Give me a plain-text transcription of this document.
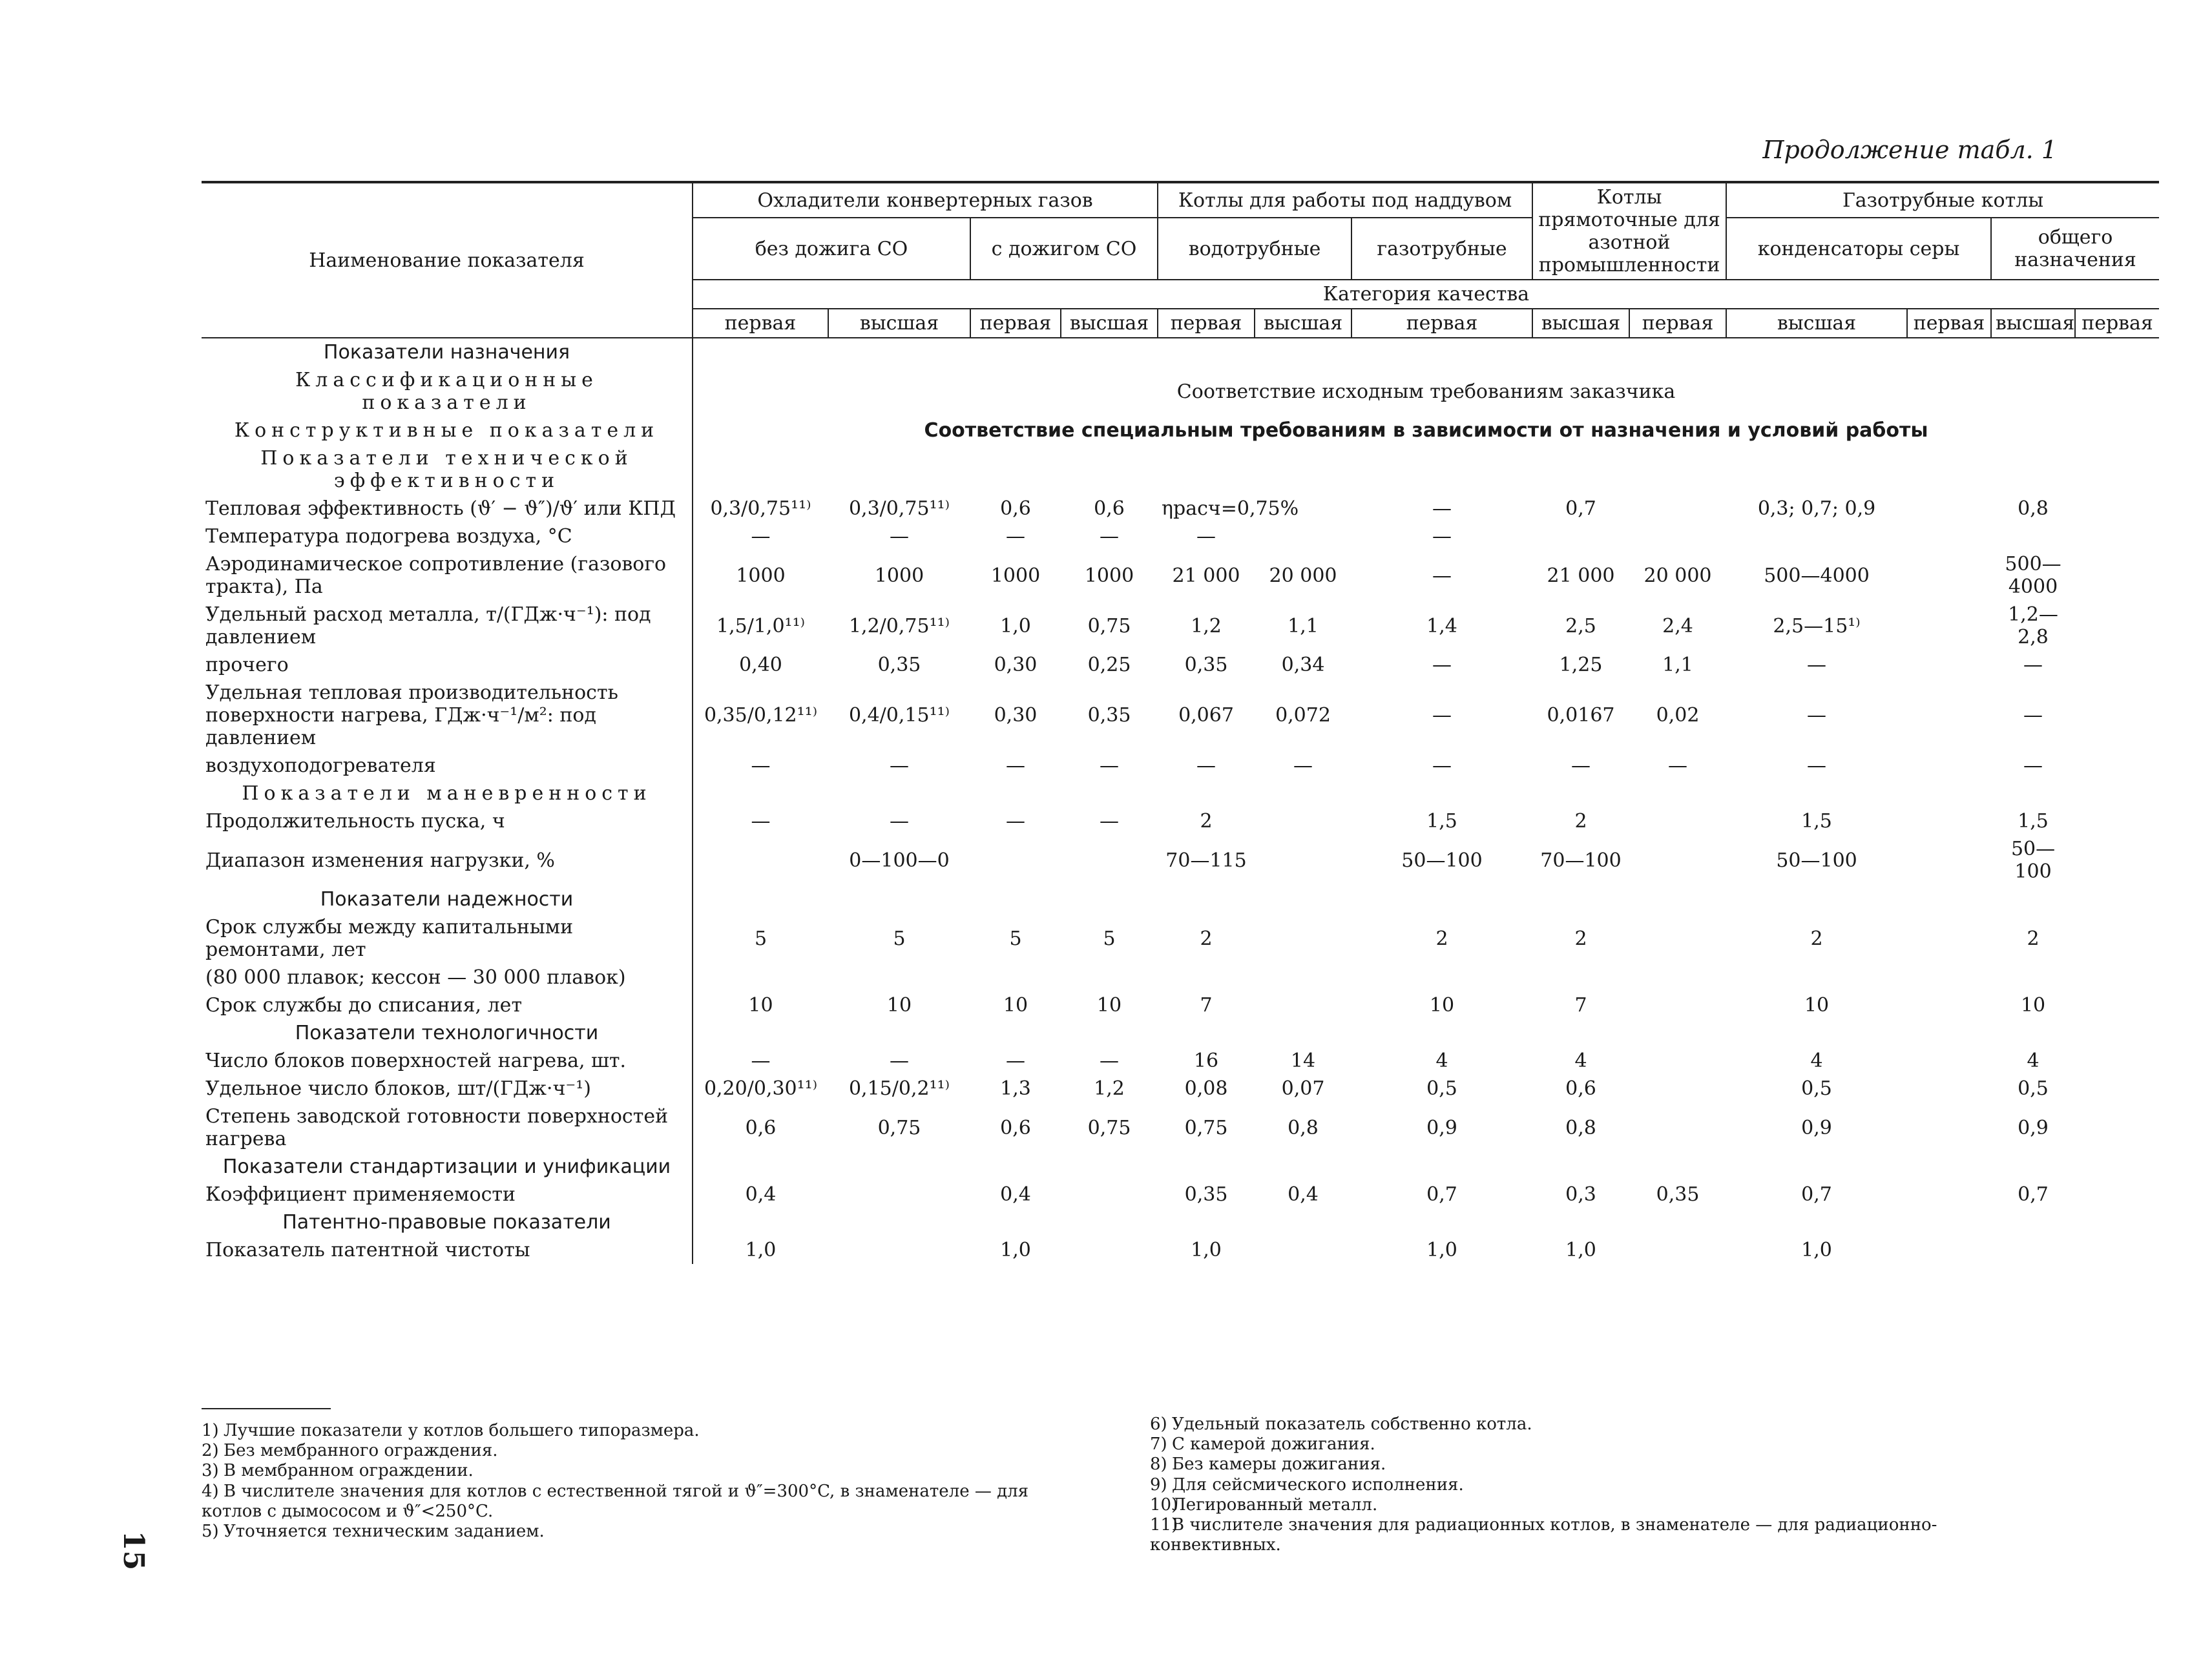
Продолжение табл. 1
Наименование показателя	Охладители конвертерных газов				Котлы для работы под наддувом			Котлы прямоточные для азотной промышленности		Газотрубные котлы			
	без дожига СО		с дожигом СО		водотрубные		газотрубные			конденсаторы серы		общего назначения	
	Категория качества												
	первая	высшая	первая	высшая	первая	высшая	первая	высшая	первая	высшая	первая	высшая	первая
Показатели назначения													
Классификационные показатели	Соответствие исходным требованиям заказчика												
Конструктивные показатели	Соответствие специальным требованиям в зависимости от назначения и условий работы												
Показатели технической эффективности													
Тепловая эффективность (ϑ′ − ϑ″)/ϑ′ или КПД	0,3/0,75¹¹⁾	0,3/0,75¹¹⁾	0,6	0,6	ηрасч=0,75%		—	0,7		0,3; 0,7; 0,9		0,8	
Температура подогрева воздуха, °C	—	—	—	—	—		—						
Аэродинамическое сопротивление (газового тракта), Па	1000	1000	1000	1000	21 000	20 000	—	21 000	20 000	500—4000		500—4000	
Удельный расход металла, т/(ГДж·ч⁻¹): под давлением	1,5/1,0¹¹⁾	1,2/0,75¹¹⁾	1,0	0,75	1,2	1,1	1,4	2,5	2,4	2,5—15¹⁾		1,2—2,8	
прочего	0,40	0,35	0,30	0,25	0,35	0,34	—	1,25	1,1	—		—	
Удельная тепловая производительность поверхности нагрева, ГДж·ч⁻¹/м²: под давлением	0,35/0,12¹¹⁾	0,4/0,15¹¹⁾	0,30	0,35	0,067	0,072	—	0,0167	0,02	—		—	
воздухоподогревателя	—	—	—	—	—	—	—	—	—	—		—	
Показатели маневренности													
Продолжительность пуска, ч	—	—	—	—	2		1,5	2		1,5		1,5	
Диапазон изменения нагрузки, %		0—100—0			70—115		50—100	70—100		50—100		50—100	
Показатели надежности													
Срок службы между капитальными ремонтами, лет	5	5	5	5	2		2	2		2		2	
(80 000 плавок; кессон — 30 000 плавок)													
Срок службы до списания, лет	10	10	10	10	7		10	7		10		10	
Показатели технологичности													
Число блоков поверхностей нагрева, шт.	—	—	—	—	16	14	4	4		4		4	
Удельное число блоков, шт/(ГДж·ч⁻¹)	0,20/0,30¹¹⁾	0,15/0,2¹¹⁾	1,3	1,2	0,08	0,07	0,5	0,6		0,5		0,5	
Степень заводской готовности поверхностей нагрева	0,6	0,75	0,6	0,75	0,75	0,8	0,9	0,8		0,9		0,9	
Показатели стандартизации и унификации													
Коэффициент применяемости	0,4		0,4		0,35	0,4	0,7	0,3	0,35	0,7		0,7	
Патентно-правовые показатели													
Показатель патентной чистоты	1,0		1,0		1,0		1,0	1,0		1,0			
1) Лучшие показатели у котлов большего типоразмера.
2) Без мембранного ограждения.
3) В мембранном ограждении.
4) В числителе значения для котлов с естественной тягой и ϑ″=300°C, в знаменателе — для котлов с дымососом и ϑ″<250°C.
5) Уточняется техническим заданием.
6) Удельный показатель собственно котла.
7) С камерой дожигания.
8) Без камеры дожигания.
9) Для сейсмического исполнения.
10)Легированный металл.
11)В числителе значения для радиационных котлов, в знаменателе — для радиационно-конвективных.
15
